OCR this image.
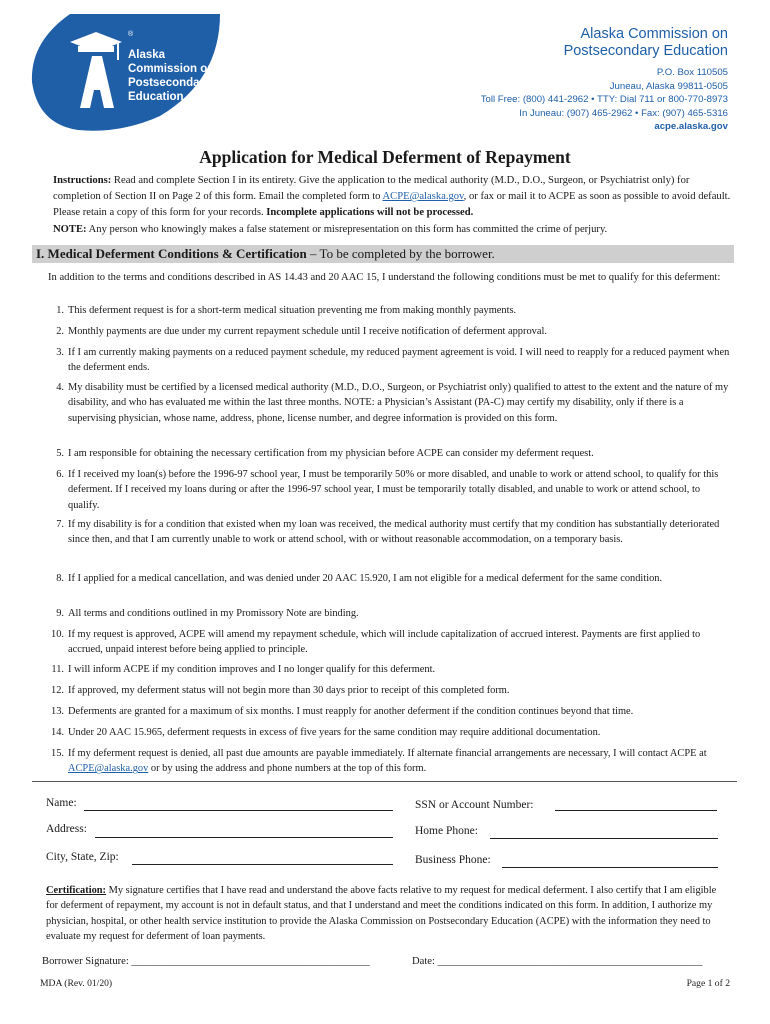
®
Alaska
Commission on
Postsecondary
Education
Alaska Commission on
Postsecondary Education
P.O. Box 110505
Juneau, Alaska 99811-0505
Toll Free: (800) 441-2962 • TTY: Dial 711 or 800-770-8973
In Juneau: (907) 465-2962 • Fax: (907) 465-5316
acpe.alaska.gov
Application for Medical Deferment of Repayment
Instructions: Read and complete Section I in its entirety. Give the application to the medical authority (M.D., D.O., Surgeon, or Psychiatrist only) for completion of Section II on Page 2 of this form. Email the completed form to ACPE@alaska.gov, or fax or mail it to ACPE as soon as possible to avoid default. Please retain a copy of this form for your records. Incomplete applications will not be processed.
NOTE: Any person who knowingly makes a false statement or misrepresentation on this form has committed the crime of perjury.
I. Medical Deferment Conditions & Certification – To be completed by the borrower.
In addition to the terms and conditions described in AS 14.43 and 20 AAC 15, I understand the following conditions must be met to qualify for this deferment:
1. This deferment request is for a short-term medical situation preventing me from making monthly payments.
2. Monthly payments are due under my current repayment schedule until I receive notification of deferment approval.
3. If I am currently making payments on a reduced payment schedule, my reduced payment agreement is void. I will need to reapply for a reduced payment when the deferment ends.
4. My disability must be certified by a licensed medical authority (M.D., D.O., Surgeon, or Psychiatrist only) qualified to attest to the extent and the nature of my disability, and who has evaluated me within the last three months. NOTE: a Physician’s Assistant (PA-C) may certify my disability, only if there is a supervising physician, whose name, address, phone, license number, and degree information is provided on this form.
5. I am responsible for obtaining the necessary certification from my physician before ACPE can consider my deferment request.
6. If I received my loan(s) before the 1996-97 school year, I must be temporarily 50% or more disabled, and unable to work or attend school, to qualify for this deferment. If I received my loans during or after the 1996-97 school year, I must be temporarily totally disabled, and unable to work or attend school, to qualify.
7. If my disability is for a condition that existed when my loan was received, the medical authority must certify that my condition has substantially deteriorated since then, and that I am currently unable to work or attend school, with or without reasonable accommodation, on a temporary basis.
8. If I applied for a medical cancellation, and was denied under 20 AAC 15.920, I am not eligible for a medical deferment for the same condition.
9. All terms and conditions outlined in my Promissory Note are binding.
10. If my request is approved, ACPE will amend my repayment schedule, which will include capitalization of accrued interest. Payments are first applied to accrued, unpaid interest before being applied to principle.
11. I will inform ACPE if my condition improves and I no longer qualify for this deferment.
12. If approved, my deferment status will not begin more than 30 days prior to receipt of this completed form.
13. Deferments are granted for a maximum of six months. I must reapply for another deferment if the condition continues beyond that time.
14. Under 20 AAC 15.965, deferment requests in excess of five years for the same condition may require additional documentation.
15. If my deferment request is denied, all past due amounts are payable immediately. If alternate financial arrangements are necessary, I will contact ACPE at ACPE@alaska.gov or by using the address and phone numbers at the top of this form.
Name:
Address:
City, State, Zip:
SSN or Account Number:
Home Phone:
Business Phone:
Certification: My signature certifies that I have read and understand the above facts relative to my request for medical deferment. I also certify that I am eligible for deferment of repayment, my account is not in default status, and that I understand and meet the conditions indicated on this form. In addition, I authorize my physician, hospital, or other health service institution to provide the Alaska Commission on Postsecondary Education (ACPE) with the information they need to evaluate my request for deferment of loan payments.
Borrower Signature: _____________________________________________	Date: __________________________________________________
MDA (Rev. 01/20)	Page 1 of 2
